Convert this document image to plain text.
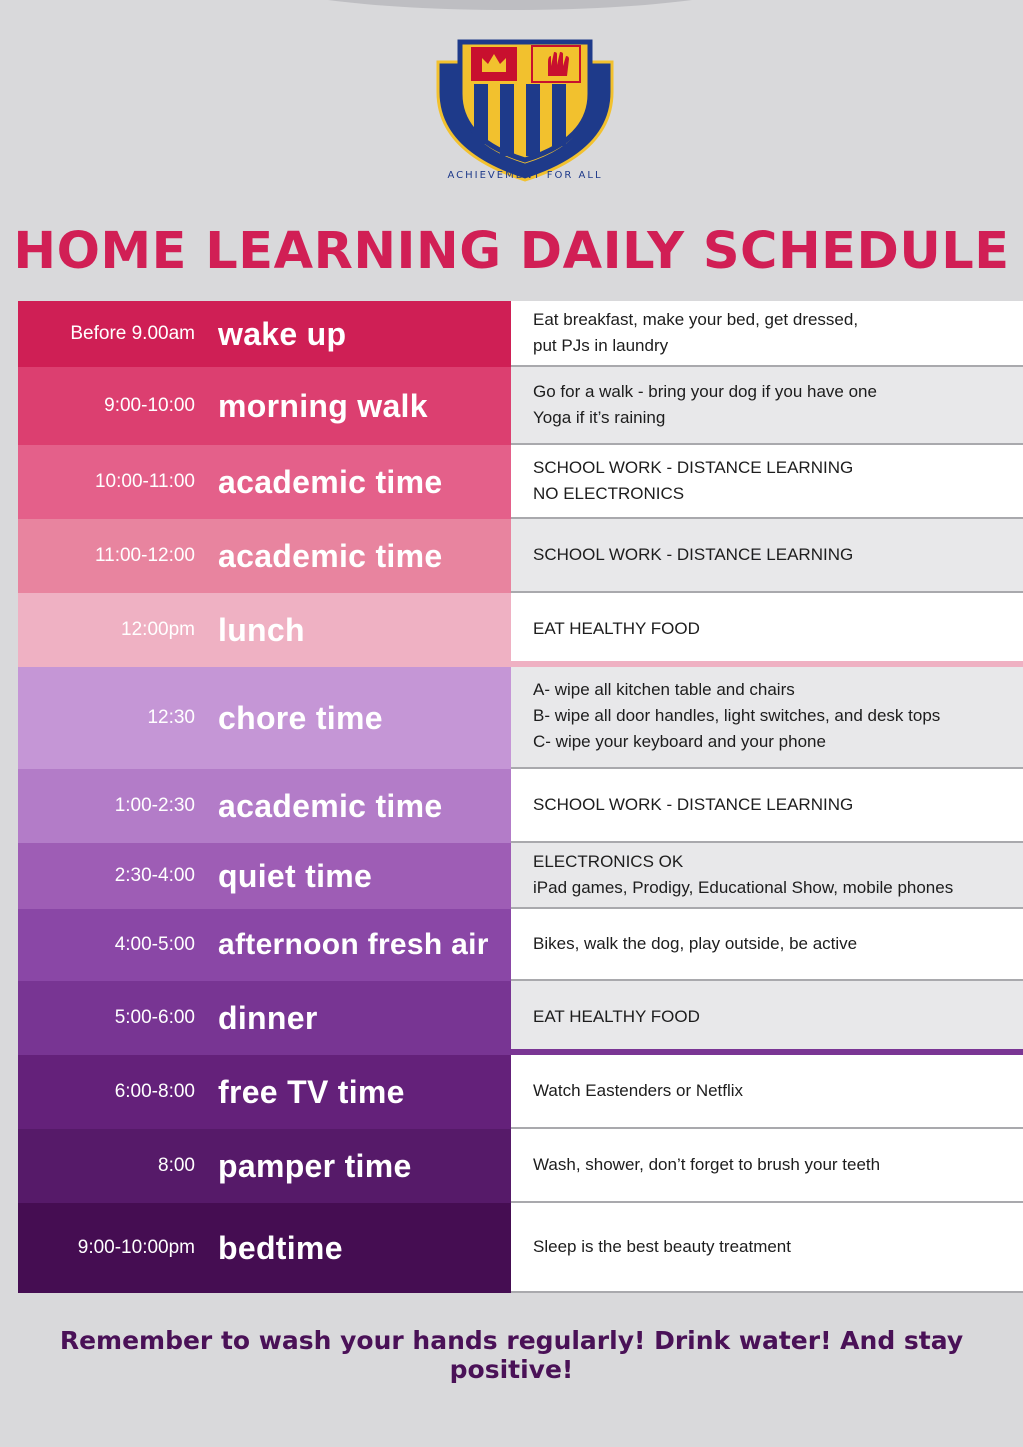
ACHIEVEMENT FOR ALL
HOME LEARNING DAILY SCHEDULE
Before 9.00am wake up	Eat breakfast, make your bed, get dressed,
put PJs in laundry
9:00-10:00 morning walk	Go for a walk - bring your dog if you have one
Yoga if it’s raining
10:00-11:00 academic time	SCHOOL WORK - DISTANCE LEARNING
NO ELECTRONICS
11:00-12:00 academic time	SCHOOL WORK - DISTANCE LEARNING
12:00pm lunch	EAT HEALTHY FOOD
12:30 chore time
A- wipe all kitchen table and chairs
B- wipe all door handles, light switches, and desk tops
C- wipe your keyboard and your phone
1:00-2:30 academic time	SCHOOL WORK - DISTANCE LEARNING
2:30-4:00 quiet time	ELECTRONICS OK
iPad games, Prodigy, Educational Show, mobile phones
4:00-5:00 afternoon fresh air	Bikes, walk the dog, play outside, be active
5:00-6:00 dinner	EAT HEALTHY FOOD
6:00-8:00 free TV time	Watch Eastenders or Netflix
8:00 pamper time	Wash, shower, don’t forget to brush your teeth
9:00-10:00pm bedtime	Sleep is the best beauty treatment

Remember to wash your hands regularly! Drink water! And stay positive!
